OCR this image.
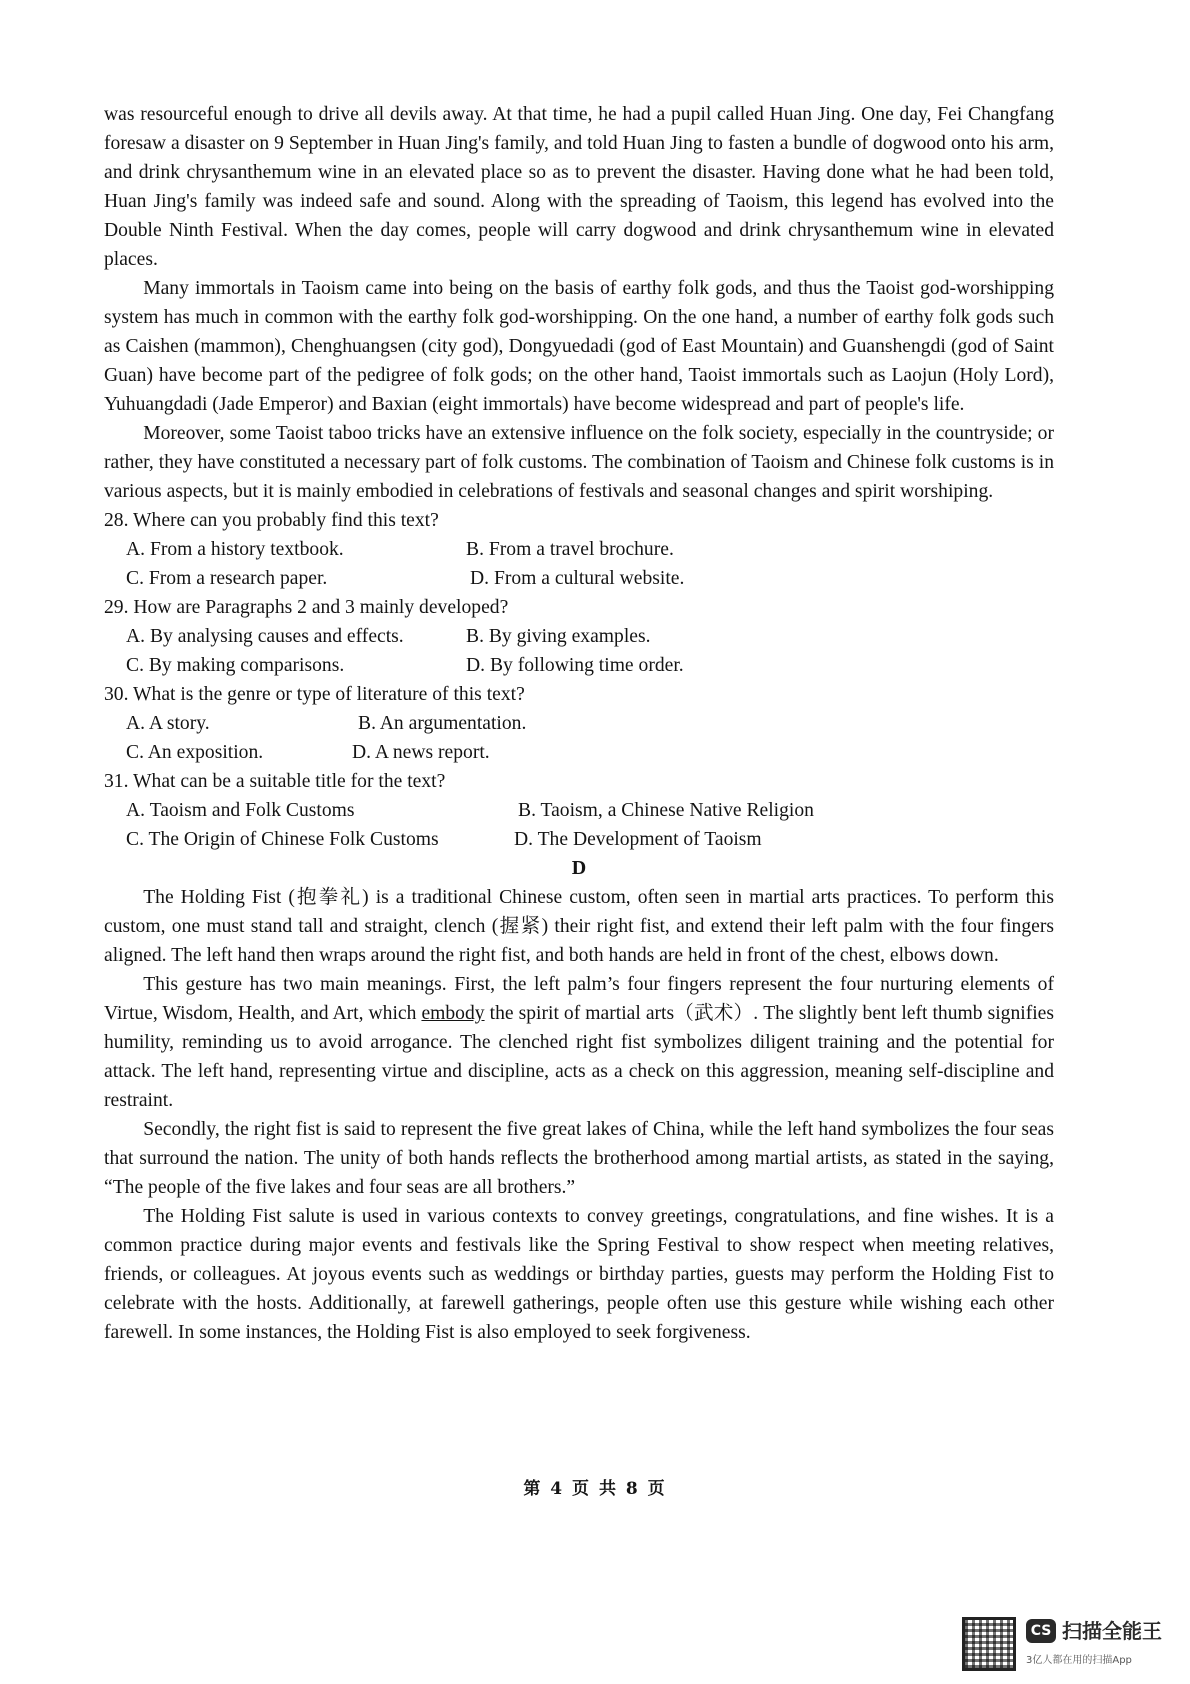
was resourceful enough to drive all devils away. At that time, he had a pupil called Huan Jing. One day, Fei Changfang foresaw a disaster on 9 September in Huan Jing's family, and told Huan Jing to fasten a bundle of dogwood onto his arm, and drink chrysanthemum wine in an elevated place so as to prevent the disaster. Having done what he had been told, Huan Jing's family was indeed safe and sound. Along with the spreading of Taoism, this legend has evolved into the Double Ninth Festival. When the day comes, people will carry dogwood and drink chrysanthemum wine in elevated places.

Many immortals in Taoism came into being on the basis of earthy folk gods, and thus the Taoist god-worshipping system has much in common with the earthy folk god-worshipping. On the one hand, a number of earthy folk gods such as Caishen (mammon), Chenghuangsen (city god), Dongyuedadi (god of East Mountain) and Guanshengdi (god of Saint Guan) have become part of the pedigree of folk gods; on the other hand, Taoist immortals such as Laojun (Holy Lord), Yuhuangdadi (Jade Emperor) and Baxian (eight immortals) have become widespread and part of people's life.

Moreover, some Taoist taboo tricks have an extensive influence on the folk society, especially in the countryside; or rather, they have constituted a necessary part of folk customs. The combination of Taoism and Chinese folk customs is in various aspects, but it is mainly embodied in celebrations of festivals and seasonal changes and spirit worshiping.

28. Where can you probably find this text?

A. From a history textbook.	B. From a travel brochure.
C. From a research paper.	D. From a cultural website.

29. How are Paragraphs 2 and 3 mainly developed?

A. By analysing causes and effects.	B. By giving examples.
C. By making comparisons.	D. By following time order.

30. What is the genre or type of literature of this text?

A. A story.	B. An argumentation.
C. An exposition.	D. A news report.

31. What can be a suitable title for the text?

A. Taoism and Folk Customs	B. Taoism, a Chinese Native Religion
C. The Origin of Chinese Folk Customs	D. The Development of Taoism

D

The Holding Fist (抱拳礼) is a traditional Chinese custom, often seen in martial arts practices. To perform this custom, one must stand tall and straight, clench (握紧) their right fist, and extend their left palm with the four fingers aligned. The left hand then wraps around the right fist, and both hands are held in front of the chest, elbows down.

This gesture has two main meanings. First, the left palm’s four fingers represent the four nurturing elements of Virtue, Wisdom, Health, and Art, which embody the spirit of martial arts（武术）. The slightly bent left thumb signifies humility, reminding us to avoid arrogance. The clenched right fist symbolizes diligent training and the potential for attack. The left hand, representing virtue and discipline, acts as a check on this aggression, meaning self-discipline and restraint.

Secondly, the right fist is said to represent the five great lakes of China, while the left hand symbolizes the four seas that surround the nation. The unity of both hands reflects the brotherhood among martial artists, as stated in the saying, “The people of the five lakes and four seas are all brothers.”

The Holding Fist salute is used in various contexts to convey greetings, congratulations, and fine wishes. It is a common practice during major events and festivals like the Spring Festival to show respect when meeting relatives, friends, or colleagues. At joyous events such as weddings or birthday parties, guests may perform the Holding Fist to celebrate with the hosts. Additionally, at farewell gatherings, people often use this gesture while wishing each other farewell. In some instances, the Holding Fist is also employed to seek forgiveness.

第 4 页 共 8 页
CS 扫描全能王
3亿人都在用的扫描App
